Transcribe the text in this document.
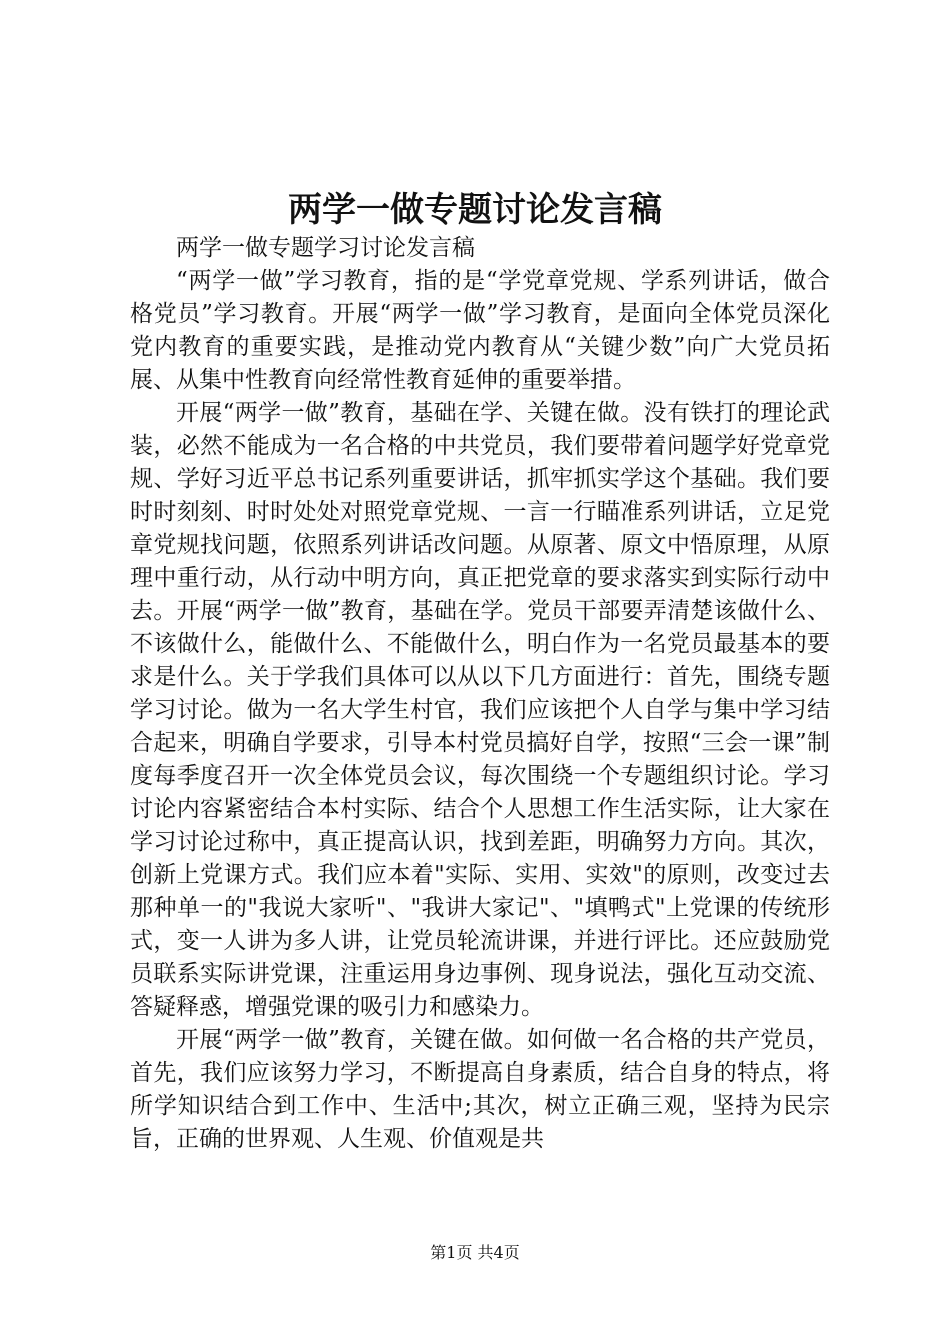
两学一做专题讨论发言稿

两学一做专题学习讨论发言稿

“两学一做”学习教育，指的是“学党章党规、学系列讲话，做合格党员”学习教育。开展“两学一做”学习教育，是面向全体党员深化党内教育的重要实践，是推动党内教育从“关键少数”向广大党员拓展、从集中性教育向经常性教育延伸的重要举措。

开展“两学一做”教育，基础在学、关键在做。没有铁打的理论武装，必然不能成为一名合格的中共党员，我们要带着问题学好党章党规、学好习近平总书记系列重要讲话，抓牢抓实学这个基础。我们要时时刻刻、时时处处对照党章党规、一言一行瞄准系列讲话，立足党章党规找问题，依照系列讲话改问题。从原著、原文中悟原理，从原理中重行动，从行动中明方向，真正把党章的要求落实到实际行动中去。开展“两学一做”教育，基础在学。党员干部要弄清楚该做什么、不该做什么，能做什么、不能做什么，明白作为一名党员最基本的要求是什么。关于学我们具体可以从以下几方面进行：首先，围绕专题学习讨论。做为一名大学生村官，我们应该把个人自学与集中学习结合起来，明确自学要求，引导本村党员搞好自学，按照“三会一课”制度每季度召开一次全体党员会议，每次围绕一个专题组织讨论。学习讨论内容紧密结合本村实际、结合个人思想工作生活实际，让大家在学习讨论过称中，真正提高认识，找到差距，明确努力方向。其次，创新上党课方式。我们应本着"实际、实用、实效"的原则，改变过去那种单一的"我说大家听"、"我讲大家记"、"填鸭式"上党课的传统形式，变一人讲为多人讲，让党员轮流讲课，并进行评比。还应鼓励党员联系实际讲党课，注重运用身边事例、现身说法，强化互动交流、答疑释惑，增强党课的吸引力和感染力。

开展“两学一做”教育，关键在做。如何做一名合格的共产党员，首先，我们应该努力学习，不断提高自身素质，结合自身的特点，将所学知识结合到工作中、生活中;其次，树立正确三观，坚持为民宗旨，正确的世界观、人生观、价值观是共

第1页 共4页
